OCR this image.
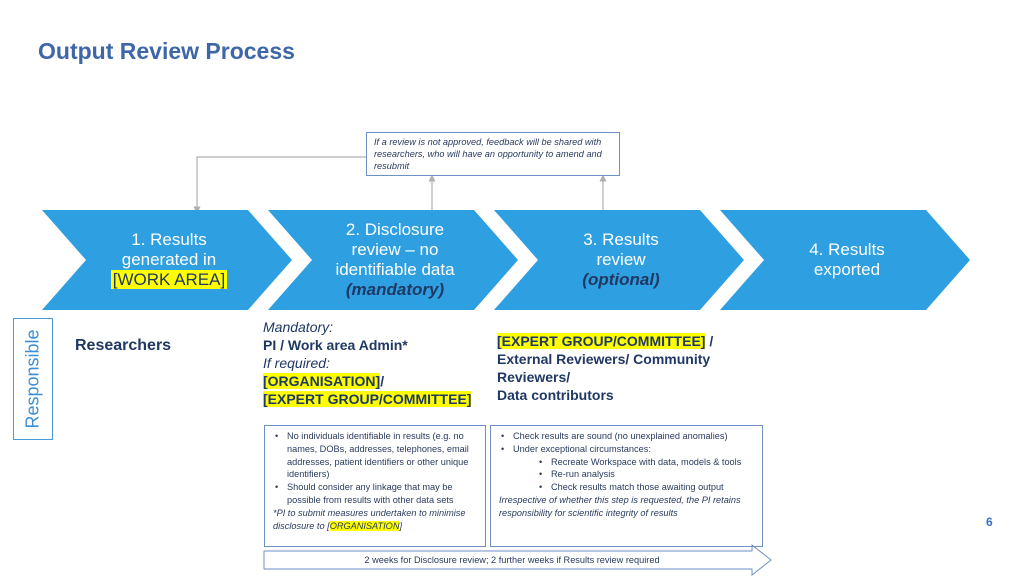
Output Review Process
If a review is not approved, feedback will be shared with researchers, who will have an opportunity to amend and resubmit
1. Results
generated in
[WORK AREA]
2. Disclosure
review – no
identifiable data
(mandatory)
3. Results
review
(optional)
4. Results
exported
Responsible Researchers
Mandatory:
PI / Work area Admin*
If required:
[ORGANISATION]/
[EXPERT GROUP/COMMITTEE]
[EXPERT GROUP/COMMITTEE] /
External Reviewers/ Community
Reviewers/
Data contributors
• No individuals identifiable in results (e.g. no names, DOBs, addresses, telephones, email addresses, patient identifiers or other unique identifiers)
• Should consider any linkage that may be possible from results with other data sets
*PI to submit measures undertaken to minimise disclosure to [ORGANISATION]
• Check results are sound (no unexplained anomalies)
• Under exceptional circumstances:
• Recreate Workspace with data, models & tools
• Re-run analysis
• Check results match those awaiting output
Irrespective of whether this step is requested, the PI retains responsibility for scientific integrity of results
2 weeks for Disclosure review; 2 further weeks if Results review required
6
